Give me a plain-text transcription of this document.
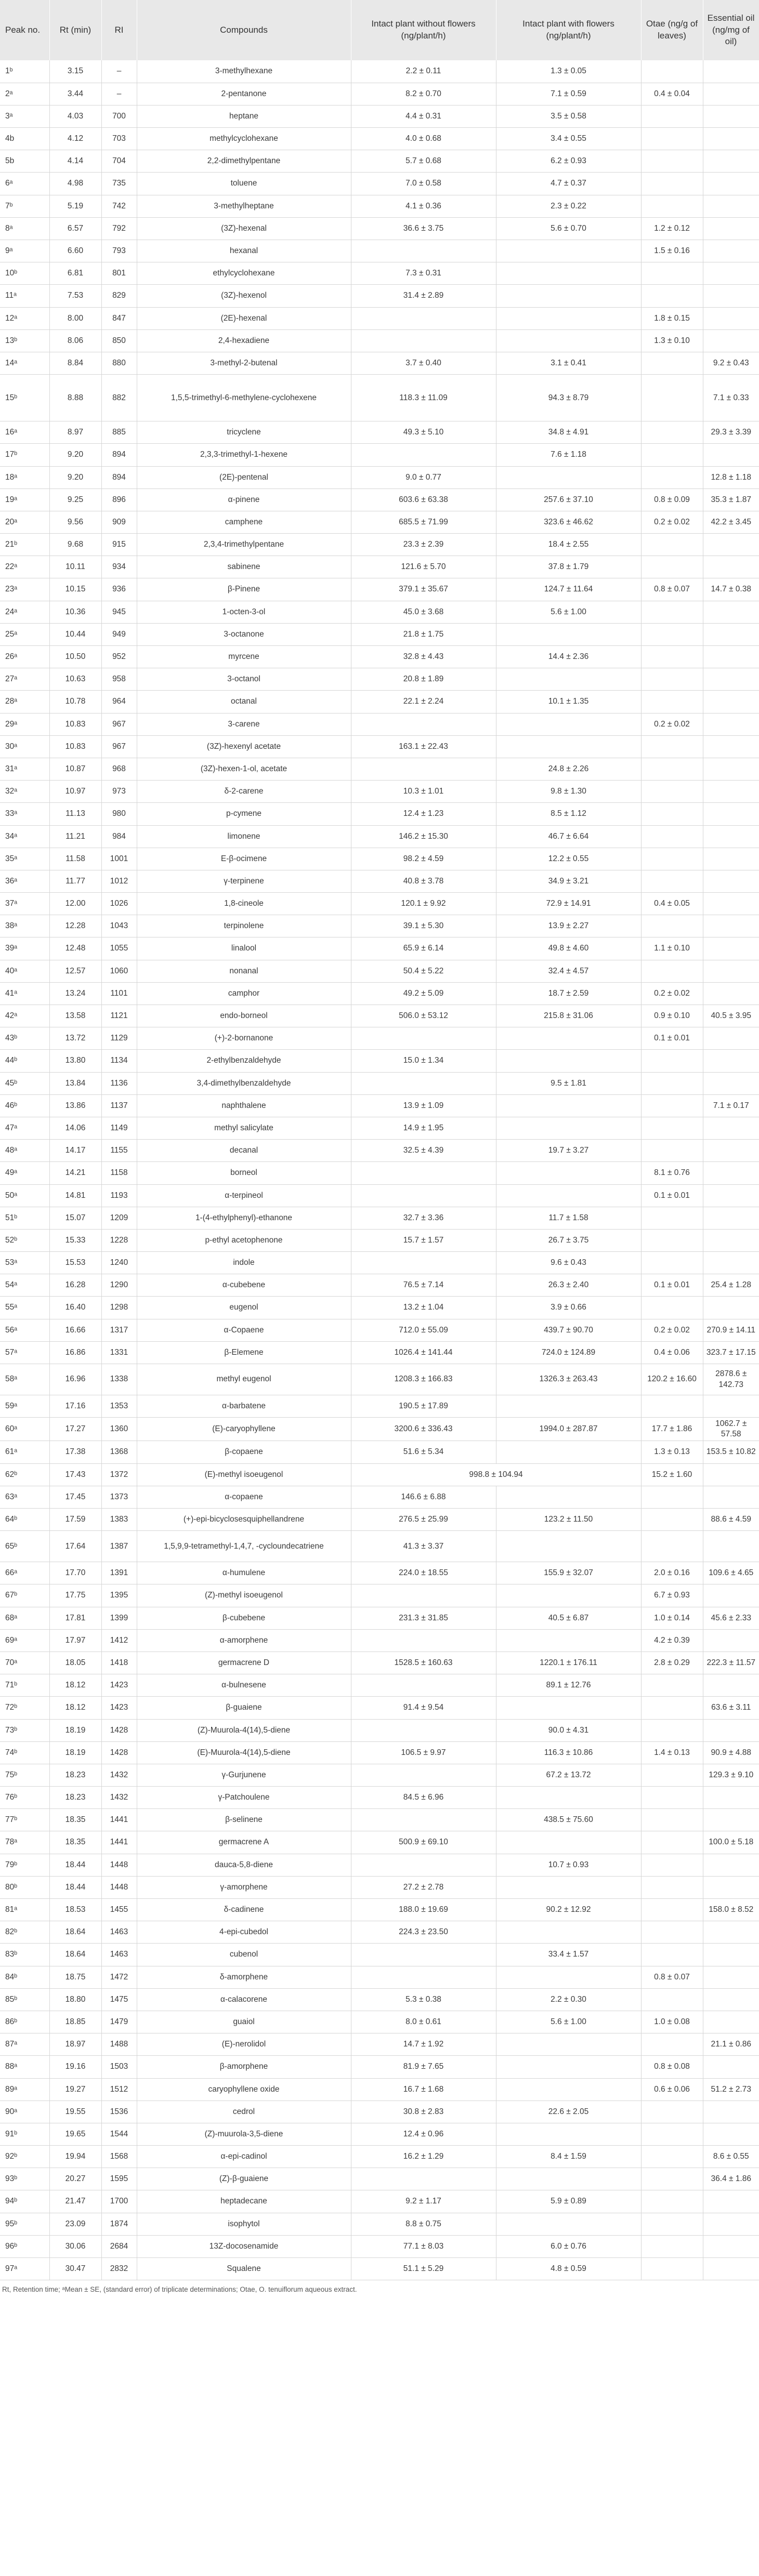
Peak no.	Rt (min)	RI	Compounds	Intact plant without flowers (ng/plant/h)	Intact plant with flowers (ng/plant/h)	Otae (ng/g of leaves)	Essential oil (ng/mg of oil)
1ᵇ	3.15	–	3-methylhexane	2.2 ± 0.11	1.3 ± 0.05		
2ᵃ	3.44	–	2-pentanone	8.2 ± 0.70	7.1 ± 0.59	0.4 ± 0.04	
3ᵃ	4.03	700	heptane	4.4 ± 0.31	3.5 ± 0.58		
4b	4.12	703	methylcyclohexane	4.0 ± 0.68	3.4 ± 0.55		
5b	4.14	704	2,2-dimethylpentane	5.7 ± 0.68	6.2 ± 0.93		
6ᵃ	4.98	735	toluene	7.0 ± 0.58	4.7 ± 0.37		
7ᵇ	5.19	742	3-methylheptane	4.1 ± 0.36	2.3 ± 0.22		
8ᵃ	6.57	792	(3Z)-hexenal	36.6 ± 3.75	5.6 ± 0.70	1.2 ± 0.12	
9ᵃ	6.60	793	hexanal			1.5 ± 0.16	
10ᵇ	6.81	801	ethylcyclohexane	7.3 ± 0.31			
11ᵃ	7.53	829	(3Z)-hexenol	31.4 ± 2.89			
12ᵃ	8.00	847	(2E)-hexenal			1.8 ± 0.15	
13ᵇ	8.06	850	2,4-hexadiene			1.3 ± 0.10	
14ᵃ	8.84	880	3-methyl-2-butenal	3.7 ± 0.40	3.1 ± 0.41		9.2 ± 0.43
15ᵇ	8.88	882	1,5,5-trimethyl-6-methylene-cyclohexene	118.3 ± 11.09	94.3 ± 8.79		7.1 ± 0.33
16ᵃ	8.97	885	tricyclene	49.3 ± 5.10	34.8 ± 4.91		29.3 ± 3.39
17ᵇ	9.20	894	2,3,3-trimethyl-1-hexene		7.6 ± 1.18		
18ᵃ	9.20	894	(2E)-pentenal	9.0 ± 0.77			12.8 ± 1.18
19ᵃ	9.25	896	α-pinene	603.6 ± 63.38	257.6 ± 37.10	0.8 ± 0.09	35.3 ± 1.87
20ᵃ	9.56	909	camphene	685.5 ± 71.99	323.6 ± 46.62	0.2 ± 0.02	42.2 ± 3.45
21ᵇ	9.68	915	2,3,4-trimethylpentane	23.3 ± 2.39	18.4 ± 2.55		
22ᵃ	10.11	934	sabinene	121.6 ± 5.70	37.8 ± 1.79		
23ᵃ	10.15	936	β-Pinene	379.1 ± 35.67	124.7 ± 11.64	0.8 ± 0.07	14.7 ± 0.38
24ᵃ	10.36	945	1-octen-3-ol	45.0 ± 3.68	5.6 ± 1.00		
25ᵃ	10.44	949	3-octanone	21.8 ± 1.75			
26ᵃ	10.50	952	myrcene	32.8 ± 4.43	14.4 ± 2.36		
27ᵃ	10.63	958	3-octanol	20.8 ± 1.89			
28ᵃ	10.78	964	octanal	22.1 ± 2.24	10.1 ± 1.35		
29ᵃ	10.83	967	3-carene			0.2 ± 0.02	
30ᵃ	10.83	967	(3Z)-hexenyl acetate	163.1 ± 22.43			
31ᵃ	10.87	968	(3Z)-hexen-1-ol, acetate		24.8 ± 2.26		
32ᵃ	10.97	973	δ-2-carene	10.3 ± 1.01	9.8 ± 1.30		
33ᵃ	11.13	980	p-cymene	12.4 ± 1.23	8.5 ± 1.12		
34ᵃ	11.21	984	limonene	146.2 ± 15.30	46.7 ± 6.64		
35ᵃ	11.58	1001	E-β-ocimene	98.2 ± 4.59	12.2 ± 0.55		
36ᵃ	11.77	1012	γ-terpinene	40.8 ± 3.78	34.9 ± 3.21		
37ᵃ	12.00	1026	1,8-cineole	120.1 ± 9.92	72.9 ± 14.91	0.4 ± 0.05	
38ᵃ	12.28	1043	terpinolene	39.1 ± 5.30	13.9 ± 2.27		
39ᵃ	12.48	1055	linalool	65.9 ± 6.14	49.8 ± 4.60	1.1 ± 0.10	
40ᵃ	12.57	1060	nonanal	50.4 ± 5.22	32.4 ± 4.57		
41ᵃ	13.24	1101	camphor	49.2 ± 5.09	18.7 ± 2.59	0.2 ± 0.02	
42ᵃ	13.58	1121	endo-borneol	506.0 ± 53.12	215.8 ± 31.06	0.9 ± 0.10	40.5 ± 3.95
43ᵇ	13.72	1129	(+)-2-bornanone			0.1 ± 0.01	
44ᵇ	13.80	1134	2-ethylbenzaldehyde	15.0 ± 1.34			
45ᵇ	13.84	1136	3,4-dimethylbenzaldehyde		9.5 ± 1.81		
46ᵇ	13.86	1137	naphthalene	13.9 ± 1.09			7.1 ± 0.17
47ᵃ	14.06	1149	methyl salicylate	14.9 ± 1.95			
48ᵃ	14.17	1155	decanal	32.5 ± 4.39	19.7 ± 3.27		
49ᵃ	14.21	1158	borneol			8.1 ± 0.76	
50ᵃ	14.81	1193	α-terpineol			0.1 ± 0.01	
51ᵇ	15.07	1209	1-(4-ethylphenyl)-ethanone	32.7 ± 3.36	11.7 ± 1.58		
52ᵇ	15.33	1228	p-ethyl acetophenone	15.7 ± 1.57	26.7 ± 3.75		
53ᵃ	15.53	1240	indole		9.6 ± 0.43		
54ᵃ	16.28	1290	α-cubebene	76.5 ± 7.14	26.3 ± 2.40	0.1 ± 0.01	25.4 ± 1.28
55ᵃ	16.40	1298	eugenol	13.2 ± 1.04	3.9 ± 0.66		
56ᵃ	16.66	1317	α-Copaene	712.0 ± 55.09	439.7 ± 90.70	0.2 ± 0.02	270.9 ± 14.11
57ᵃ	16.86	1331	β-Elemene	1026.4 ± 141.44	724.0 ± 124.89	0.4 ± 0.06	323.7 ± 17.15
58ᵃ	16.96	1338	methyl eugenol	1208.3 ± 166.83	1326.3 ± 263.43	120.2 ± 16.60	2878.6 ± 142.73
59ᵃ	17.16	1353	α-barbatene	190.5 ± 17.89			
60ᵃ	17.27	1360	(E)-caryophyllene	3200.6 ± 336.43	1994.0 ± 287.87	17.7 ± 1.86	1062.7 ± 57.58
61ᵃ	17.38	1368	β-copaene	51.6 ± 5.34		1.3 ± 0.13	153.5 ± 10.82
62ᵇ	17.43	1372	(E)-methyl isoeugenol	998.8 ± 104.94		15.2 ± 1.60	
63ᵃ	17.45	1373	α-copaene	146.6 ± 6.88			
64ᵇ	17.59	1383	(+)-epi-bicyclosesquiphellandrene	276.5 ± 25.99	123.2 ± 11.50		88.6 ± 4.59
65ᵇ	17.64	1387	1,5,9,9-tetramethyl-1,4,7, -cycloundecatriene	41.3 ± 3.37			
66ᵃ	17.70	1391	α-humulene	224.0 ± 18.55	155.9 ± 32.07	2.0 ± 0.16	109.6 ± 4.65
67ᵇ	17.75	1395	(Z)-methyl isoeugenol			6.7 ± 0.93	
68ᵃ	17.81	1399	β-cubebene	231.3 ± 31.85	40.5 ± 6.87	1.0 ± 0.14	45.6 ± 2.33
69ᵃ	17.97	1412	α-amorphene			4.2 ± 0.39	
70ᵃ	18.05	1418	germacrene D	1528.5 ± 160.63	1220.1 ± 176.11	2.8 ± 0.29	222.3 ± 11.57
71ᵇ	18.12	1423	α-bulnesene		89.1 ± 12.76		
72ᵇ	18.12	1423	β-guaiene	91.4 ± 9.54			63.6 ± 3.11
73ᵇ	18.19	1428	(Z)-Muurola-4(14),5-diene		90.0 ± 4.31		
74ᵇ	18.19	1428	(E)-Muurola-4(14),5-diene	106.5 ± 9.97	116.3 ± 10.86	1.4 ± 0.13	90.9 ± 4.88
75ᵇ	18.23	1432	γ-Gurjunene		67.2 ± 13.72		129.3 ± 9.10
76ᵇ	18.23	1432	γ-Patchoulene	84.5 ± 6.96			
77ᵇ	18.35	1441	β-selinene		438.5 ± 75.60		
78ᵃ	18.35	1441	germacrene A	500.9 ± 69.10			100.0 ± 5.18
79ᵇ	18.44	1448	dauca-5,8-diene		10.7 ± 0.93		
80ᵇ	18.44	1448	γ-amorphene	27.2 ± 2.78			
81ᵃ	18.53	1455	δ-cadinene	188.0 ± 19.69	90.2 ± 12.92		158.0 ± 8.52
82ᵇ	18.64	1463	4-epi-cubedol	224.3 ± 23.50			
83ᵇ	18.64	1463	cubenol		33.4 ± 1.57		
84ᵇ	18.75	1472	δ-amorphene			0.8 ± 0.07	
85ᵇ	18.80	1475	α-calacorene	5.3 ± 0.38	2.2 ± 0.30		
86ᵇ	18.85	1479	guaiol	8.0 ± 0.61	5.6 ± 1.00	1.0 ± 0.08	
87ᵃ	18.97	1488	(E)-nerolidol	14.7 ± 1.92			21.1 ± 0.86
88ᵃ	19.16	1503	β-amorphene	81.9 ± 7.65		0.8 ± 0.08	
89ᵃ	19.27	1512	caryophyllene oxide	16.7 ± 1.68		0.6 ± 0.06	51.2 ± 2.73
90ᵃ	19.55	1536	cedrol	30.8 ± 2.83	22.6 ± 2.05		
91ᵇ	19.65	1544	(Z)-muurola-3,5-diene	12.4 ± 0.96			
92ᵇ	19.94	1568	α-epi-cadinol	16.2 ± 1.29	8.4 ± 1.59		8.6 ± 0.55
93ᵇ	20.27	1595	(Z)-β-guaiene				36.4 ± 1.86
94ᵇ	21.47	1700	heptadecane	9.2 ± 1.17	5.9 ± 0.89		
95ᵇ	23.09	1874	isophytol	8.8 ± 0.75			
96ᵇ	30.06	2684	13Z-docosenamide	77.1 ± 8.03	6.0 ± 0.76		
97ᵃ	30.47	2832	Squalene	51.1 ± 5.29	4.8 ± 0.59		
Rt, Retention time; ᵃMean ± SE, (standard error) of triplicate determinations; Otae, O. tenuiflorum aqueous extract.
